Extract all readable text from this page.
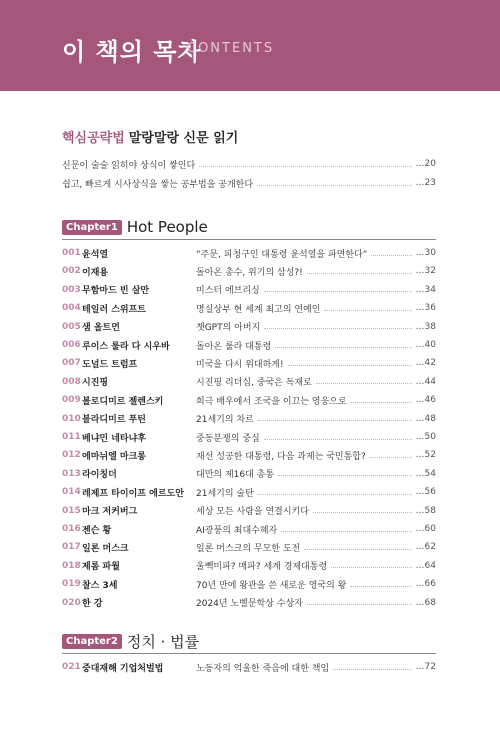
이 책의 목차
CONTENTS
핵심공략법 말랑말랑 신문 읽기
신문이 술술 읽히야 상식이 쌓인다	…20
쉽고, 빠르게 시사상식을 쌓는 공부법을 공개한다	…23
Chapter1 Hot People
001 윤석열	“주문, 피청구인 대통령 윤석열을 파면한다”	…30
002 이재용	돌아온 총수, 위기의 삼성?!	…32
003 무함마드 빈 살만	미스터 에브리싱	…34
004 테일러 스위프트	명실상부 현 세계 최고의 연예인	…36
005 샘 올트먼	챗GPT의 아버지	…38
006 루이스 룰라 다 시우바	돌아온 룰라 대통령	…40
007 도널드 트럼프	미국을 다시 위대하게!	…42
008 시진핑	시진핑 리더십, 중국은 독재로	…44
009 볼로디미르 젤렌스키	희극 배우에서 조국을 이끄는 영웅으로	…46
010 블라디미르 푸틴	21세기의 차르	…48
011 베냐민 네타냐후	중동분쟁의 중심	…50
012 에마뉘엘 마크롱	재선 성공한 대통령, 다음 과제는 국민통합?	…52
013 라이칭더	대만의 제16대 총통	…54
014 레제프 타이이프 에르도안	21세기의 술탄	…56
015 마크 저커버그	세상 모든 사람을 연결시키다	…58
016 젠슨 황	AI광풍의 최대수혜자	…60
017 일론 머스크	일론 머스크의 무모한 도전	…62
018 제롬 파월	울빽미파? 매파? 세계 경제대통령	…64
019 찰스 3세	70년 만에 왕관을 쓴 새로운 영국의 왕	…66
020 한 강	2024년 노벨문학상 수상자	…68
Chapter2 정치 · 법률
021 중대재해 기업처벌법	노동자의 억울한 죽음에 대한 책임	…72
